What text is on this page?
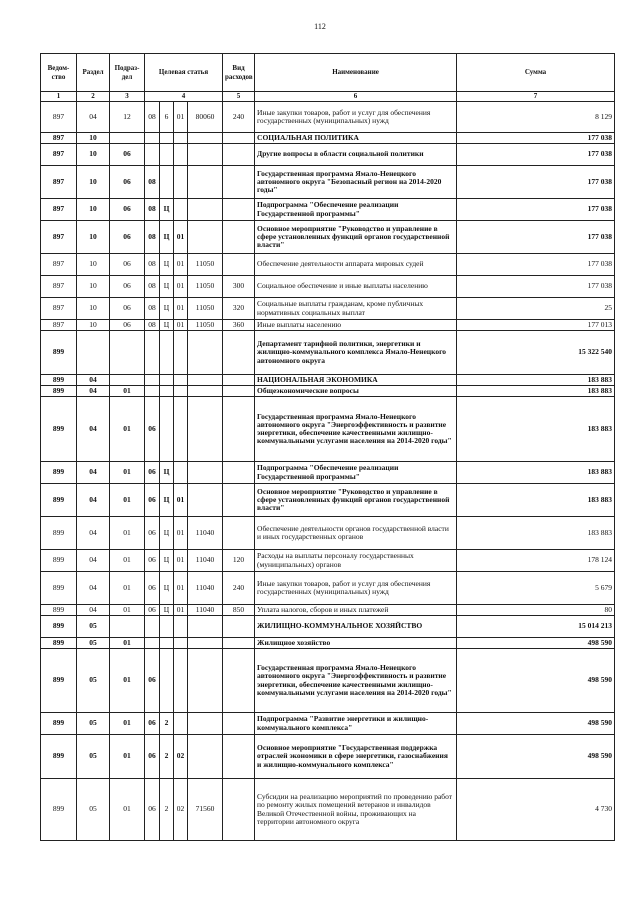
112
Ведом-ство	Раздел	Подраз-дел	Целевая статья				Вид расходов	Наименование	Сумма
1	2	3	4				5	6	7
897	04	12	08	6	01	80060	240	Иные закупки товаров, работ и услуг для обеспечения государственных (муниципальных) нужд	8 129
897	10							СОЦИАЛЬНАЯ ПОЛИТИКА	177 038
897	10	06						Другие вопросы в области социальной политики	177 038
897	10	06	08					Государственная программа Ямало-Ненецкого автономного округа "Безопасный регион на 2014-2020 годы"	177 038
897	10	06	08	Ц				Подпрограмма "Обеспечение реализации Государственной программы"	177 038
897	10	06	08	Ц	01			Основное мероприятие "Руководство и управление в сфере установленных функций органов государственной власти"	177 038
897	10	06	08	Ц	01	11050		Обеспечение деятельности аппарата мировых судей	177 038
897	10	06	08	Ц	01	11050	300	Социальное обеспечение и иные выплаты населению	177 038
897	10	06	08	Ц	01	11050	320	Социальные выплаты гражданам, кроме публичных нормативных социальных выплат	25
897	10	06	08	Ц	01	11050	360	Иные выплаты населению	177 013
899								Департамент тарифной политики, энергетики и жилищно-коммунального комплекса Ямало-Ненецкого автономного округа	15 322 540
899	04							НАЦИОНАЛЬНАЯ ЭКОНОМИКА	183 883
899	04	01						Общеэкономические вопросы	183 883
899	04	01	06					Государственная программа Ямало-Ненецкого автономного округа "Энергоэффективность и развитие энергетики, обеспечение качественными жилищно-коммунальными услугами населения на 2014-2020 годы"	183 883
899	04	01	06	Ц				Подпрограмма "Обеспечение реализации Государственной программы"	183 883
899	04	01	06	Ц	01			Основное мероприятие "Руководство и управление в сфере установленных функций органов государственной власти"	183 883
899	04	01	06	Ц	01	11040		Обеспечение деятельности органов государственной власти и иных государственных органов	183 883
899	04	01	06	Ц	01	11040	120	Расходы на выплаты персоналу государственных (муниципальных) органов	178 124
899	04	01	06	Ц	01	11040	240	Иные закупки товаров, работ и услуг для обеспечения государственных (муниципальных) нужд	5 679
899	04	01	06	Ц	01	11040	850	Уплата налогов, сборов и иных платежей	80
899	05							ЖИЛИЩНО-КОММУНАЛЬНОЕ ХОЗЯЙСТВО	15 014 213
899	05	01						Жилищное хозяйство	498 590
899	05	01	06					Государственная программа Ямало-Ненецкого автономного округа "Энергоэффективность и развитие энергетики, обеспечение качественными жилищно-коммунальными услугами населения на 2014-2020 годы"	498 590
899	05	01	06	2				Подпрограмма "Развитие энергетики и жилищно-коммунального комплекса"	498 590
899	05	01	06	2	02			Основное мероприятие "Государственная поддержка отраслей экономики в сфере энергетики, газоснабжения и жилищно-коммунального комплекса"	498 590
899	05	01	06	2	02	71560		Субсидии на реализацию мероприятий по проведению работ по ремонту жилых помещений ветеранов и инвалидов Великой Отечественной войны, проживающих на территории автономного округа	4 730
